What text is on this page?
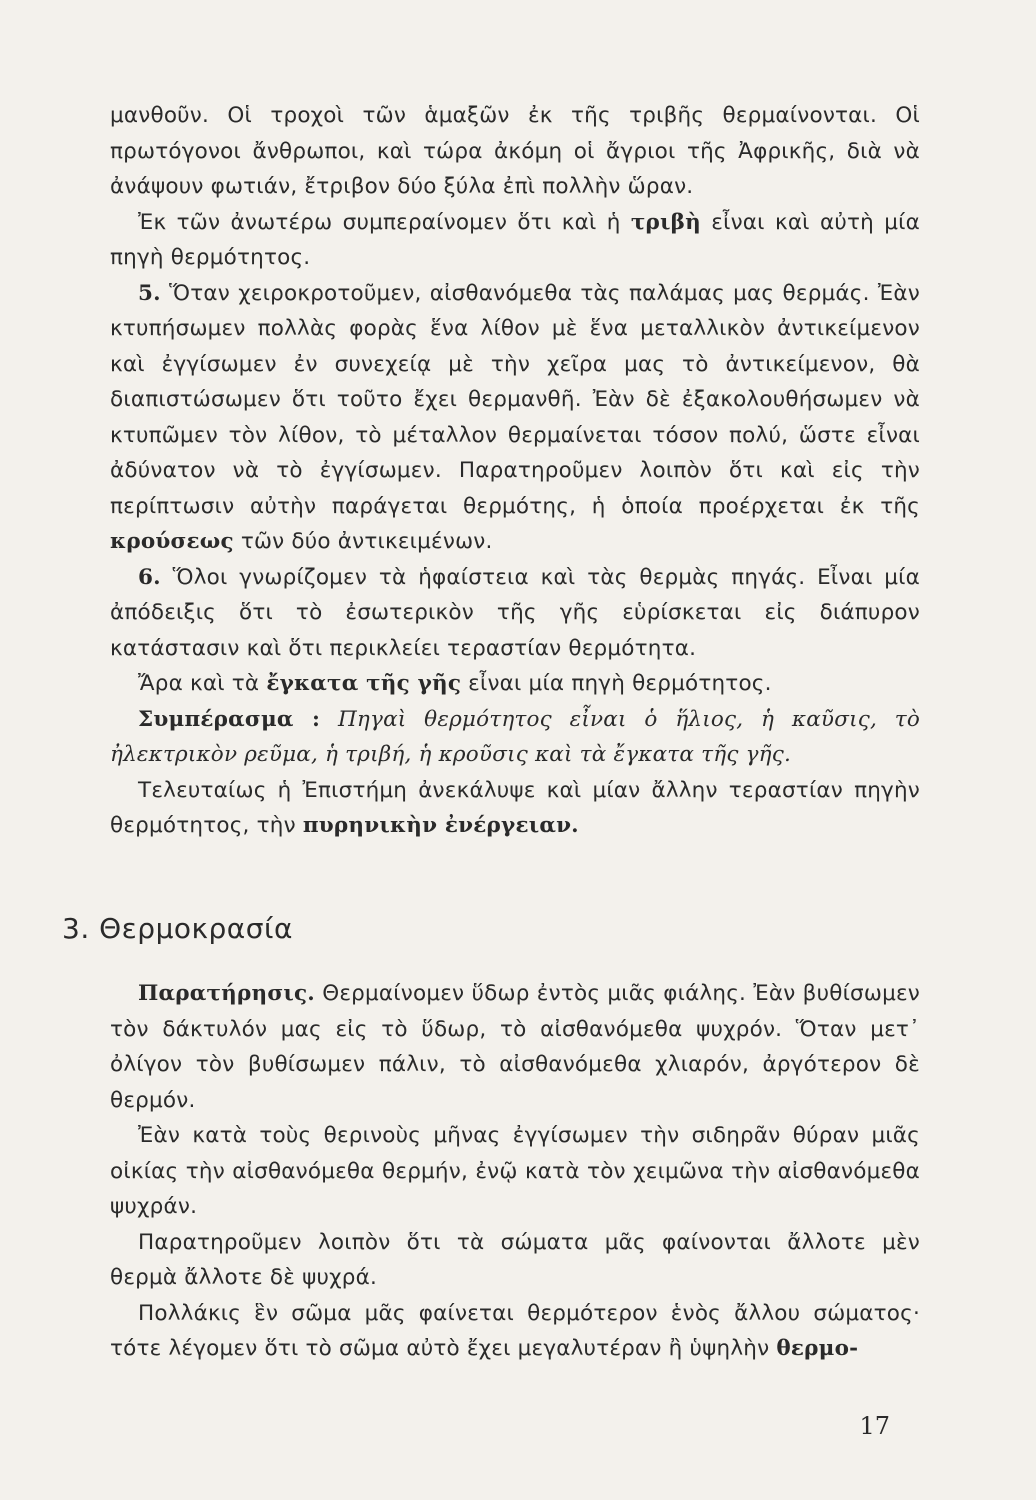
μανθοῦν. Οἱ τροχοὶ τῶν ἁμαξῶν ἐκ τῆς τριβῆς θερμαίνονται. Οἱ πρωτόγονοι ἄνθρωποι, καὶ τώρα ἀκόμη οἱ ἄγριοι τῆς Ἀφρικῆς, διὰ νὰ ἀνάψουν φωτιάν, ἔτριβον δύο ξύλα ἐπὶ πολλὴν ὥραν.

Ἐκ τῶν ἀνωτέρω συμπεραίνομεν ὅτι καὶ ἡ τριβὴ εἶναι καὶ αὐτὴ μία πηγὴ θερμότητος.

5. Ὅταν χειροκροτοῦμεν, αἰσθανόμεθα τὰς παλάμας μας θερμάς. Ἐὰν κτυπήσωμεν πολλὰς φορὰς ἕνα λίθον μὲ ἕνα μεταλλικὸν ἀντικείμενον καὶ ἐγγίσωμεν ἐν συνεχείᾳ μὲ τὴν χεῖρα μας τὸ ἀντικείμενον, θὰ διαπιστώσωμεν ὅτι τοῦτο ἔχει θερμανθῆ. Ἐὰν δὲ ἐξακολουθήσωμεν νὰ κτυπῶμεν τὸν λίθον, τὸ μέταλλον θερμαίνεται τόσον πολύ, ὥστε εἶναι ἀδύνατον νὰ τὸ ἐγγίσωμεν. Παρατηροῦμεν λοιπὸν ὅτι καὶ εἰς τὴν περίπτωσιν αὐτὴν παράγεται θερμότης, ἡ ὁποία προέρχεται ἐκ τῆς κρούσεως τῶν δύο ἀντικειμένων.

6. Ὅλοι γνωρίζομεν τὰ ἡφαίστεια καὶ τὰς θερμὰς πηγάς. Εἶναι μία ἀπόδειξις ὅτι τὸ ἐσωτερικὸν τῆς γῆς εὑρίσκεται εἰς διάπυρον κατάστασιν καὶ ὅτι περικλείει τεραστίαν θερμότητα.

Ἄρα καὶ τὰ ἔγκατα τῆς γῆς εἶναι μία πηγὴ θερμότητος.

Συμπέρασμα : Πηγαὶ θερμότητος εἶναι ὁ ἥλιος, ἡ καῦσις, τὸ ἠλεκτρικὸν ρεῦμα, ἡ τριβή, ἡ κροῦσις καὶ τὰ ἔγκατα τῆς γῆς.

Τελευταίως ἡ Ἐπιστήμη ἀνεκάλυψε καὶ μίαν ἄλλην τεραστίαν πηγὴν θερμότητος, τὴν πυρηνικὴν ἐνέργειαν.

3. Θερμοκρασία

Παρατήρησις. Θερμαίνομεν ὕδωρ ἐντὸς μιᾶς φιάλης. Ἐὰν βυθίσωμεν τὸν δάκτυλόν μας εἰς τὸ ὕδωρ, τὸ αἰσθανόμεθα ψυχρόν. Ὅταν μετ᾽ ὀλίγον τὸν βυθίσωμεν πάλιν, τὸ αἰσθανόμεθα χλιαρόν, ἀργότερον δὲ θερμόν.

Ἐὰν κατὰ τοὺς θερινοὺς μῆνας ἐγγίσωμεν τὴν σιδηρᾶν θύραν μιᾶς οἰκίας τὴν αἰσθανόμεθα θερμήν, ἐνῷ κατὰ τὸν χειμῶνα τὴν αἰσθανόμεθα ψυχράν.

Παρατηροῦμεν λοιπὸν ὅτι τὰ σώματα μᾶς φαίνονται ἄλλοτε μὲν θερμὰ ἄλλοτε δὲ ψυχρά.

Πολλάκις ἓν σῶμα μᾶς φαίνεται θερμότερον ἑνὸς ἄλλου σώματος· τότε λέγομεν ὅτι τὸ σῶμα αὐτὸ ἔχει μεγαλυτέραν ἢ ὑψηλὴν θερμο-

17
